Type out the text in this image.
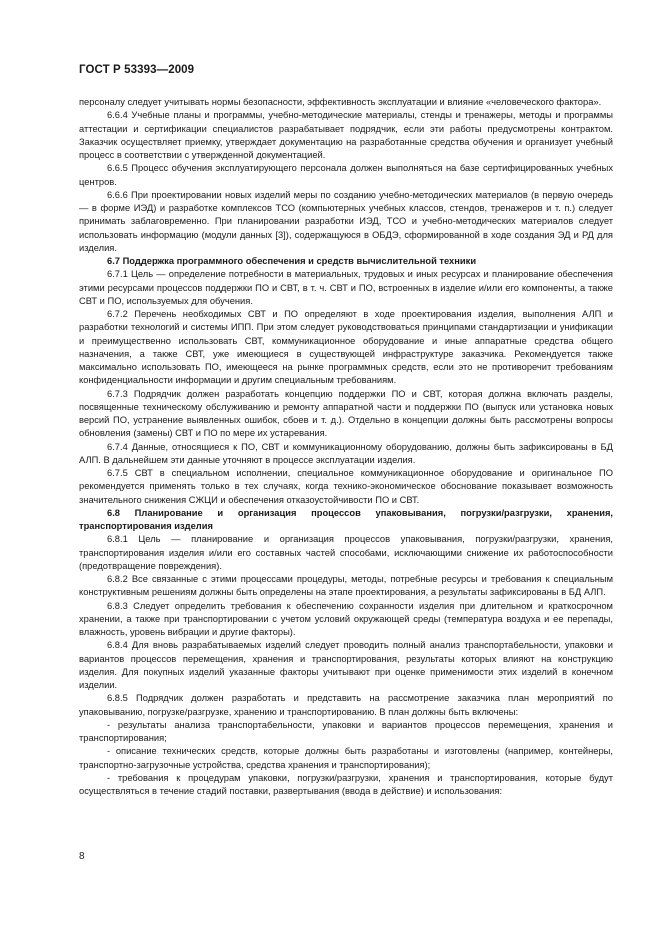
ГОСТ Р 53393—2009

персоналу следует учитывать нормы безопасности, эффективность эксплуатации и влияние «человеческого фактора».

6.6.4 Учебные планы и программы, учебно-методические материалы, стенды и тренажеры, методы и программы аттестации и сертификации специалистов разрабатывает подрядчик, если эти работы предусмотрены контрактом. Заказчик осуществляет приемку, утверждает документацию на разработанные средства обучения и организует учебный процесс в соответствии с утвержденной документацией.

6.6.5 Процесс обучения эксплуатирующего персонала должен выполняться на базе сертифицированных учебных центров.

6.6.6 При проектировании новых изделий меры по созданию учебно-методических материалов (в первую очередь — в форме ИЭД) и разработке комплексов ТСО (компьютерных учебных классов, стендов, тренажеров и т. п.) следует принимать заблаговременно. При планировании разработки ИЭД, ТСО и учебно-методических материалов следует использовать информацию (модули данных [3]), содержащуюся в ОБДЭ, сформированной в ходе создания ЭД и РД для изделия.

6.7 Поддержка программного обеспечения и средств вычислительной техники

6.7.1 Цель — определение потребности в материальных, трудовых и иных ресурсах и планирование обеспечения этими ресурсами процессов поддержки ПО и СВТ, в т. ч. СВТ и ПО, встроенных в изделие и/или его компоненты, а также СВТ и ПО, используемых для обучения.

6.7.2 Перечень необходимых СВТ и ПО определяют в ходе проектирования изделия, выполнения АЛП и разработки технологий и системы ИПП. При этом следует руководствоваться принципами стандартизации и унификации и преимущественно использовать СВТ, коммуникационное оборудование и иные аппаратные средства общего назначения, а также СВТ, уже имеющиеся в существующей инфраструктуре заказчика. Рекомендуется также максимально использовать ПО, имеющееся на рынке программных средств, если это не противоречит требованиям конфиденциальности информации и другим специальным требованиям.

6.7.3 Подрядчик должен разработать концепцию поддержки ПО и СВТ, которая должна включать разделы, посвященные техническому обслуживанию и ремонту аппаратной части и поддержки ПО (выпуск или установка новых версий ПО, устранение выявленных ошибок, сбоев и т. д.). Отдельно в концепции должны быть рассмотрены вопросы обновления (замены) СВТ и ПО по мере их устаревания.

6.7.4 Данные, относящиеся к ПО, СВТ и коммуникационному оборудованию, должны быть зафиксированы в БД АЛП. В дальнейшем эти данные уточняют в процессе эксплуатации изделия.

6.7.5 СВТ в специальном исполнении, специальное коммуникационное оборудование и оригинальное ПО рекомендуется применять только в тех случаях, когда технико-экономическое обоснование показывает возможность значительного снижения СЖЦИ и обеспечения отказоустойчивости ПО и СВТ.

6.8 Планирование и организация процессов упаковывания, погрузки/разгрузки, хранения, транспортирования изделия

6.8.1 Цель — планирование и организация процессов упаковывания, погрузки/разгрузки, хранения, транспортирования изделия и/или его составных частей способами, исключающими снижение их работоспособности (предотвращение повреждения).

6.8.2 Все связанные с этими процессами процедуры, методы, потребные ресурсы и требования к специальным конструктивным решениям должны быть определены на этапе проектирования, а результаты зафиксированы в БД АЛП.

6.8.3 Следует определить требования к обеспечению сохранности изделия при длительном и краткосрочном хранении, а также при транспортировании с учетом условий окружающей среды (температура воздуха и ее перепады, влажность, уровень вибрации и другие факторы).

6.8.4 Для вновь разрабатываемых изделий следует проводить полный анализ транспортабельности, упаковки и вариантов процессов перемещения, хранения и транспортирования, результаты которых влияют на конструкцию изделия. Для покупных изделий указанные факторы учитывают при оценке применимости этих изделий в конечном изделии.

6.8.5 Подрядчик должен разработать и представить на рассмотрение заказчика план мероприятий по упаковыванию, погрузке/разгрузке, хранению и транспортированию. В план должны быть включены:

- результаты анализа транспортабельности, упаковки и вариантов процессов перемещения, хранения и транспортирования;

- описание технических средств, которые должны быть разработаны и изготовлены (например, контейнеры, транспортно-загрузочные устройства, средства хранения и транспортирования);

- требования к процедурам упаковки, погрузки/разгрузки, хранения и транспортирования, которые будут осуществляться в течение стадий поставки, развертывания (ввода в действие) и использования:

8
